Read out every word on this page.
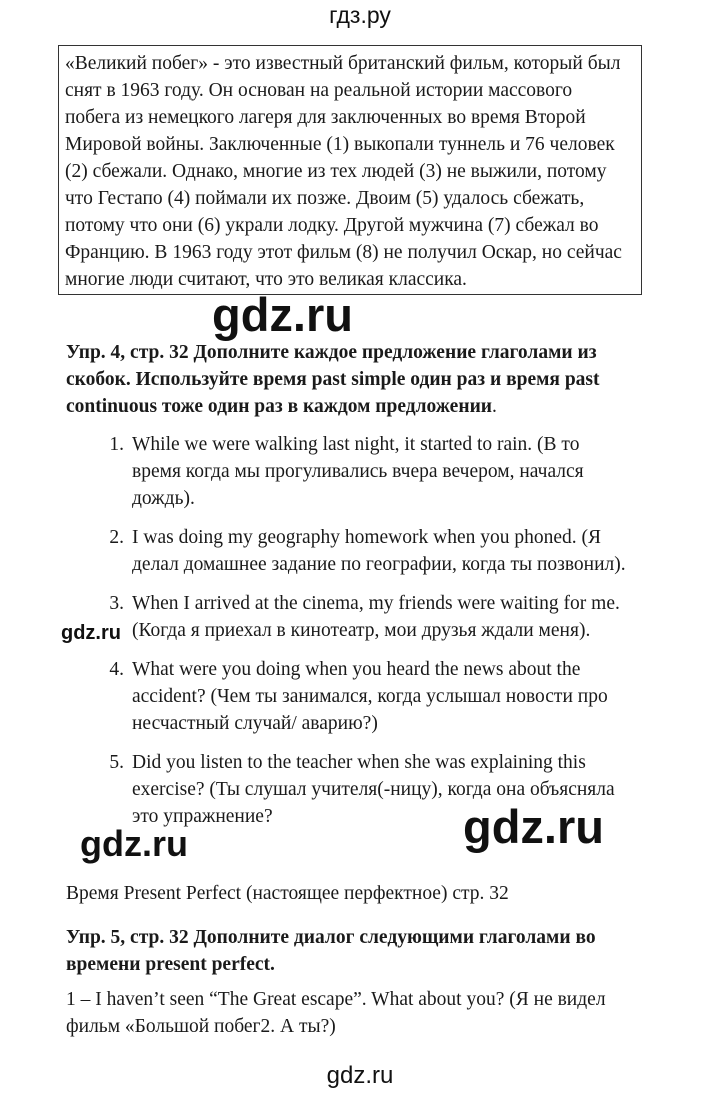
гдз.ру

«Великий побег» - это известный британский фильм, который был

снят в 1963 году. Он основан на реальной истории массового

побега из немецкого лагеря для заключенных во время Второй

Мировой войны. Заключенные (1) выкопали туннель и 76 человек

(2) сбежали. Однако, многие из тех людей (3) не выжили, потому

что Гестапо (4) поймали их позже. Двоим (5) удалось сбежать,

потому что они (6) украли лодку. Другой мужчина (7) сбежал во

Францию. В 1963 году этот фильм (8) не получил Оскар, но сейчас

многие люди считают, что это великая классика.

gdz.ru
Упр. 4, стр. 32 Дополните каждое предложение глаголами из
скобок. Используйте время past simple один раз и время past
continuous тоже один раз в каждом предложении.
1. While we were walking last night, it started to rain. (В то
время когда мы прогуливались вчера вечером, начался
дождь).
2. I was doing my geography homework when you phoned. (Я
делал домашнее задание по географии, когда ты позвонил).
3. When I arrived at the cinema, my friends were waiting for me.
(Когда я приехал в кинотеатр, мои друзья ждали меня).
gdz.ru
4. What were you doing when you heard the news about the
accident? (Чем ты занимался, когда услышал новости про
несчастный случай/ аварию?)
5. Did you listen to the teacher when she was explaining this
exercise? (Ты слушал учителя(-ницу), когда она объясняла
это упражнение?	gdz.ru
gdz.ru

Время Present Perfect (настоящее перфектное) стр. 32

Упр. 5, стр. 32 Дополните диалог следующими глаголами во
времени present perfect.
1 – I haven’t seen “The Great escape”. What about you? (Я не видел
фильм «Большой побег2. А ты?)
gdz.ru
